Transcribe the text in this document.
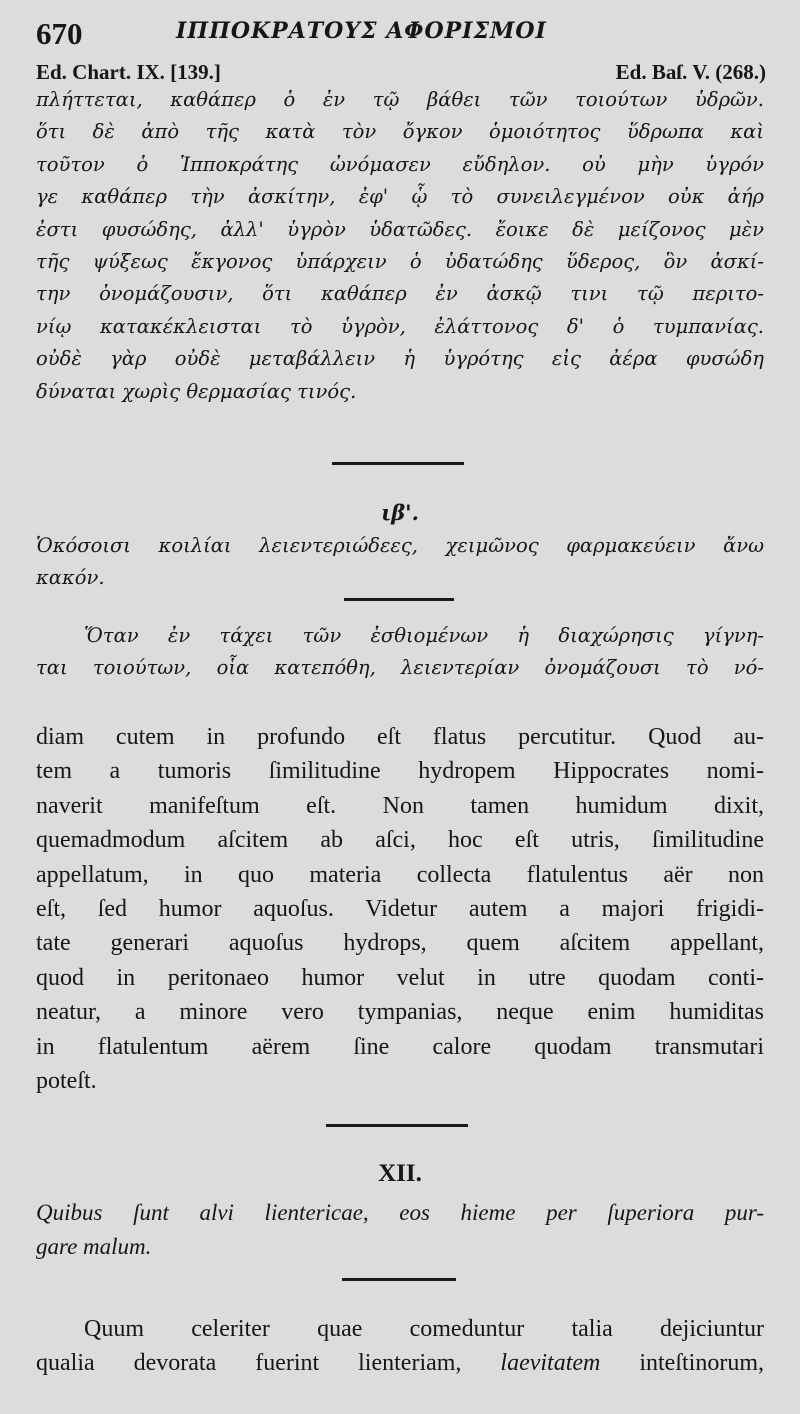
670	ΙΠΠΟΚΡΑΤΟΥΣ ΑΦΟΡΙΣΜΟΙ
Ed. Chart. IX. [139.]	Ed. Baſ. V. (268.)
πλήττεται, καθάπερ ὁ ἐν τῷ βάθει τῶν τοιούτων ὑδρῶν.
ὅτι δὲ ἀπὸ τῆς κατὰ τὸν ὄγκον ὁμοιότητος ὕδρωπα καὶ
τοῦτον ὁ Ἱπποκράτης ὠνόμασεν εὔδηλον. οὐ μὴν ὑγρόν
γε καθάπερ τὴν ἀσκίτην, ἐφ' ᾧ τὸ συνειλεγμένον οὐκ ἀήρ
ἐστι φυσώδης, ἀλλ' ὑγρὸν ὑδατῶδες. ἔοικε δὲ μείζονος μὲν
τῆς ψύξεως ἔκγονος ὑπάρχειν ὁ ὑδατώδης ὕδερος, ὃν ἀσκί-
την ὀνομάζουσιν, ὅτι καθάπερ ἐν ἀσκῷ τινι τῷ περιτο-
νίῳ κατακέκλεισται τὸ ὑγρὸν, ἐλάττονος δ' ὁ τυμπανίας.
οὐδὲ γὰρ οὐδὲ μεταβάλλειν ἡ ὑγρότης εἰς ἀέρα φυσώδη
δύναται χωρὶς θερμασίας τινός.
ιβ'.
Ὁκόσοισι κοιλίαι λειεντεριώδεες, χειμῶνος φαρμακεύειν ἄνω
κακόν.
Ὅταν ἐν τάχει τῶν ἐσθιομένων ἡ διαχώρησις γίγνη-
ται τοιούτων, οἷα κατεπόθη, λειεντερίαν ὀνομάζουσι τὸ νό-
diam cutem in profundo eſt flatus percutitur. Quod au-
tem a tumoris ſimilitudine hydropem Hippocrates nomi-
naverit manifeſtum eſt. Non tamen humidum dixit,
quemadmodum aſcitem ab aſci, hoc eſt utris, ſimilitudine
appellatum, in quo materia collecta flatulentus aër non
eſt, ſed humor aquoſus. Videtur autem a majori frigidi-
tate generari aquoſus hydrops, quem aſcitem appellant,
quod in peritonaeo humor velut in utre quodam conti-
neatur, a minore vero tympanias, neque enim humiditas
in flatulentum aërem ſine calore quodam transmutari
poteſt.
XII.
Quibus ſunt alvi lientericae, eos hieme per ſuperiora pur-
gare malum.
Quum celeriter quae comeduntur talia dejiciuntur
qualia devorata fuerint lienteriam, laevitatem inteſtinorum,
